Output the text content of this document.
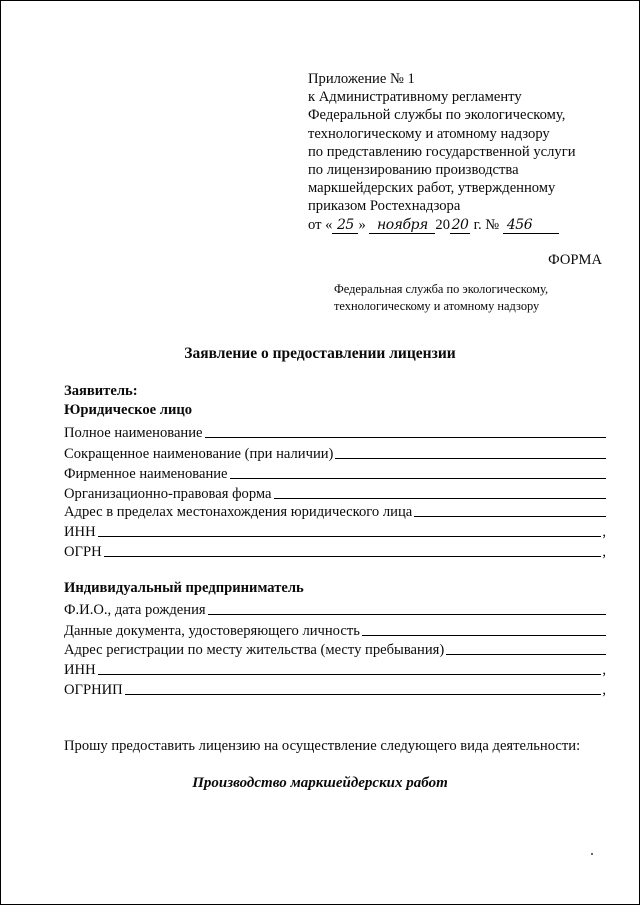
Приложение № 1
к Административному регламенту
Федеральной службы по экологическому,
технологическому и атомному надзору
по представлению государственной услуги
по лицензированию производства
маркшейдерских работ, утвержденному
приказом Ростехнадзора
от « 25 » ноября 20 20 г. № 456
ФОРМА
Федеральная служба по экологическому,
технологическому и атомному надзору
Заявление о предоставлении лицензии
Заявитель:
Юридическое лицо
Полное наименование
Сокращенное наименование (при наличии)
Фирменное наименование
Организационно-правовая форма
Адрес в пределах местонахождения юридического лица
ИНН	,
ОГРН	,
Индивидуальный предприниматель
Ф.И.О., дата рождения
Данные документа, удостоверяющего личность
Адрес регистрации по месту жительства (месту пребывания)
ИНН	,
ОГРНИП	,
Прошу предоставить лицензию на осуществление следующего вида деятельности:
Производство маркшейдерских работ
